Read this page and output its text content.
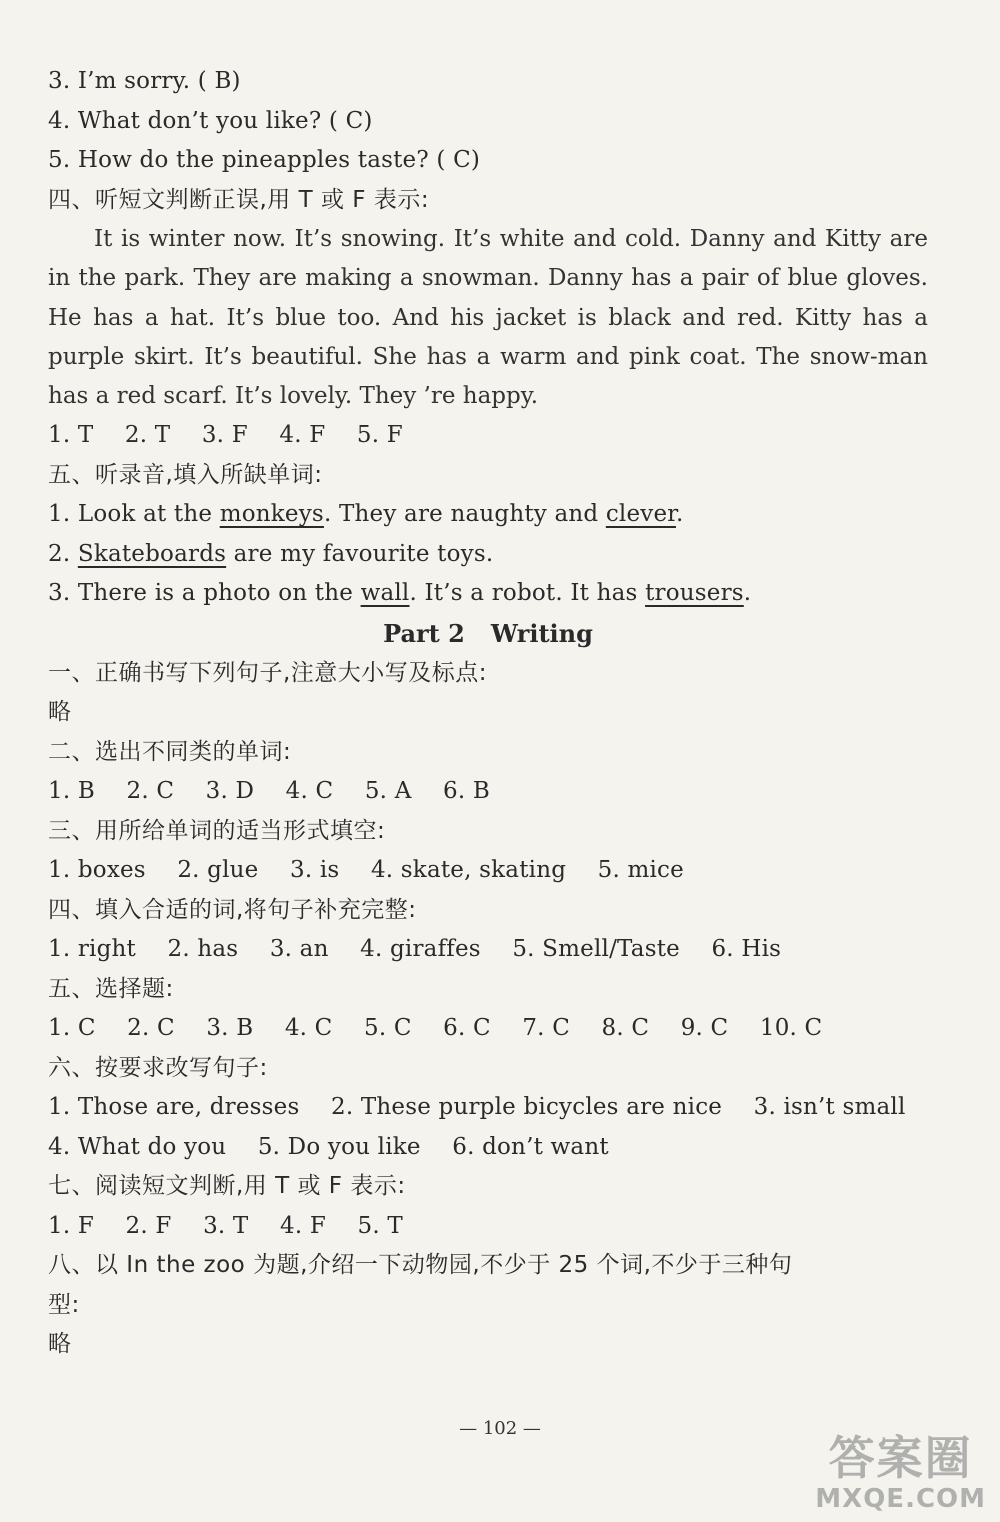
3. I’m sorry. ( B)
4. What don’t you like? ( C)
5. How do the pineapples taste? ( C)
四、听短文判断正误,用 T 或 F 表示:

It is winter now. It’s snowing. It’s white and cold. Danny and Kitty are in the park. They are making a snowman. Danny has a pair of blue gloves. He has a hat. It’s blue too. And his jacket is black and red. Kitty has a purple skirt. It’s beautiful. She has a warm and pink coat. The snow-man has a red scarf. It’s lovely. They ’re happy.

1. T 2. T 3. F 4. F 5. F
五、听录音,填入所缺单词:
1. Look at the monkeys. They are naughty and clever.
2. Skateboards are my favourite toys.
3. There is a photo on the wall. It’s a robot. It has trousers.
Part 2 Writing
一、正确书写下列句子,注意大小写及标点:
略
二、选出不同类的单词:
1. B 2. C 3. D 4. C 5. A 6. B
三、用所给单词的适当形式填空:
1. boxes 2. glue 3. is 4. skate, skating 5. mice
四、填入合适的词,将句子补充完整:
1. right 2. has 3. an 4. giraffes 5. Smell/Taste 6. His
五、选择题:
1. C 2. C 3. B 4. C 5. C 6. C 7. C 8. C 9. C 10. C
六、按要求改写句子:
1. Those are, dresses 2. These purple bicycles are nice 3. isn’t small
4. What do you 5. Do you like 6. don’t want
七、阅读短文判断,用 T 或 F 表示:
1. F 2. F 3. T 4. F 5. T
八、以 In the zoo 为题,介绍一下动物园,不少于 25 个词,不少于三种句
型:
略
— 102 —
答案圈
MXQE.COM
